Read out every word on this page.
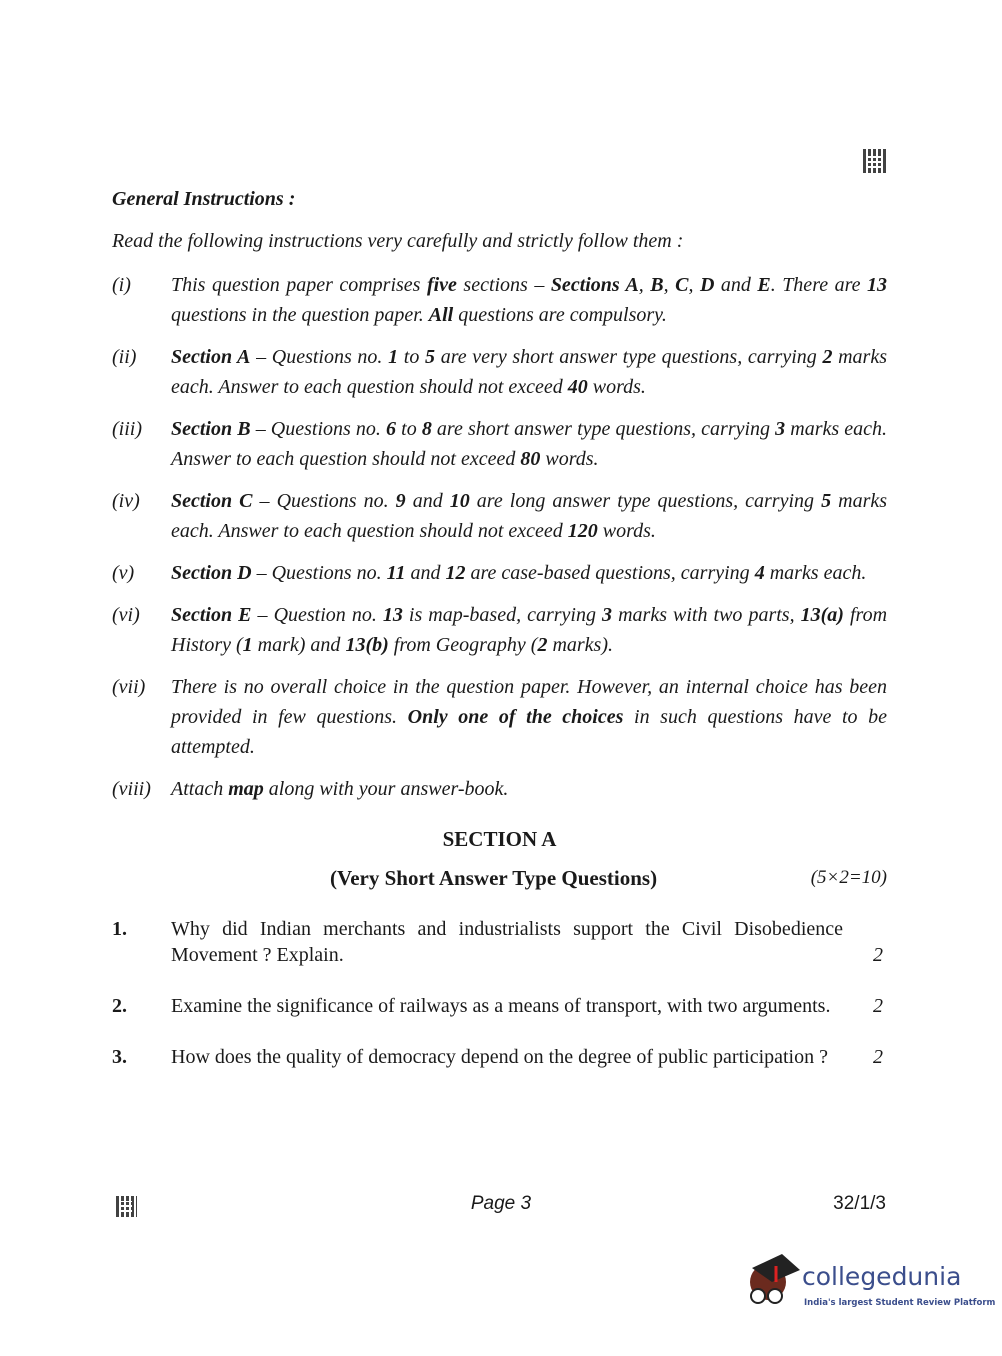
General Instructions :
Read the following instructions very carefully and strictly follow them :
(i)	This question paper comprises five sections – Sections A, B, C, D and E. There are 13 questions in the question paper. All questions are compulsory.
(ii)	Section A – Questions no. 1 to 5 are very short answer type questions, carrying 2 marks each. Answer to each question should not exceed 40 words.
(iii)	Section B – Questions no. 6 to 8 are short answer type questions, carrying 3 marks each. Answer to each question should not exceed 80 words.
(iv)	Section C – Questions no. 9 and 10 are long answer type questions, carrying 5 marks each. Answer to each question should not exceed 120 words.
(v)	Section D – Questions no. 11 and 12 are case-based questions, carrying 4 marks each.
(vi)	Section E – Question no. 13 is map-based, carrying 3 marks with two parts, 13(a) from History (1 mark) and 13(b) from Geography (2 marks).
(vii)	There is no overall choice in the question paper. However, an internal choice has been provided in few questions. Only one of the choices in such questions have to be attempted.
(viii)	Attach map along with your answer-book.
SECTION A
(Very Short Answer Type Questions)	(5×2=10)
1.	Why did Indian merchants and industrialists support the Civil Disobedience Movement ? Explain.	2
2.	Examine the significance of railways as a means of transport, with two arguments.	2
3.	How does the quality of democracy depend on the degree of public participation ?	2
Page 3	32/1/3
collegedunia
India's largest Student Review Platform
